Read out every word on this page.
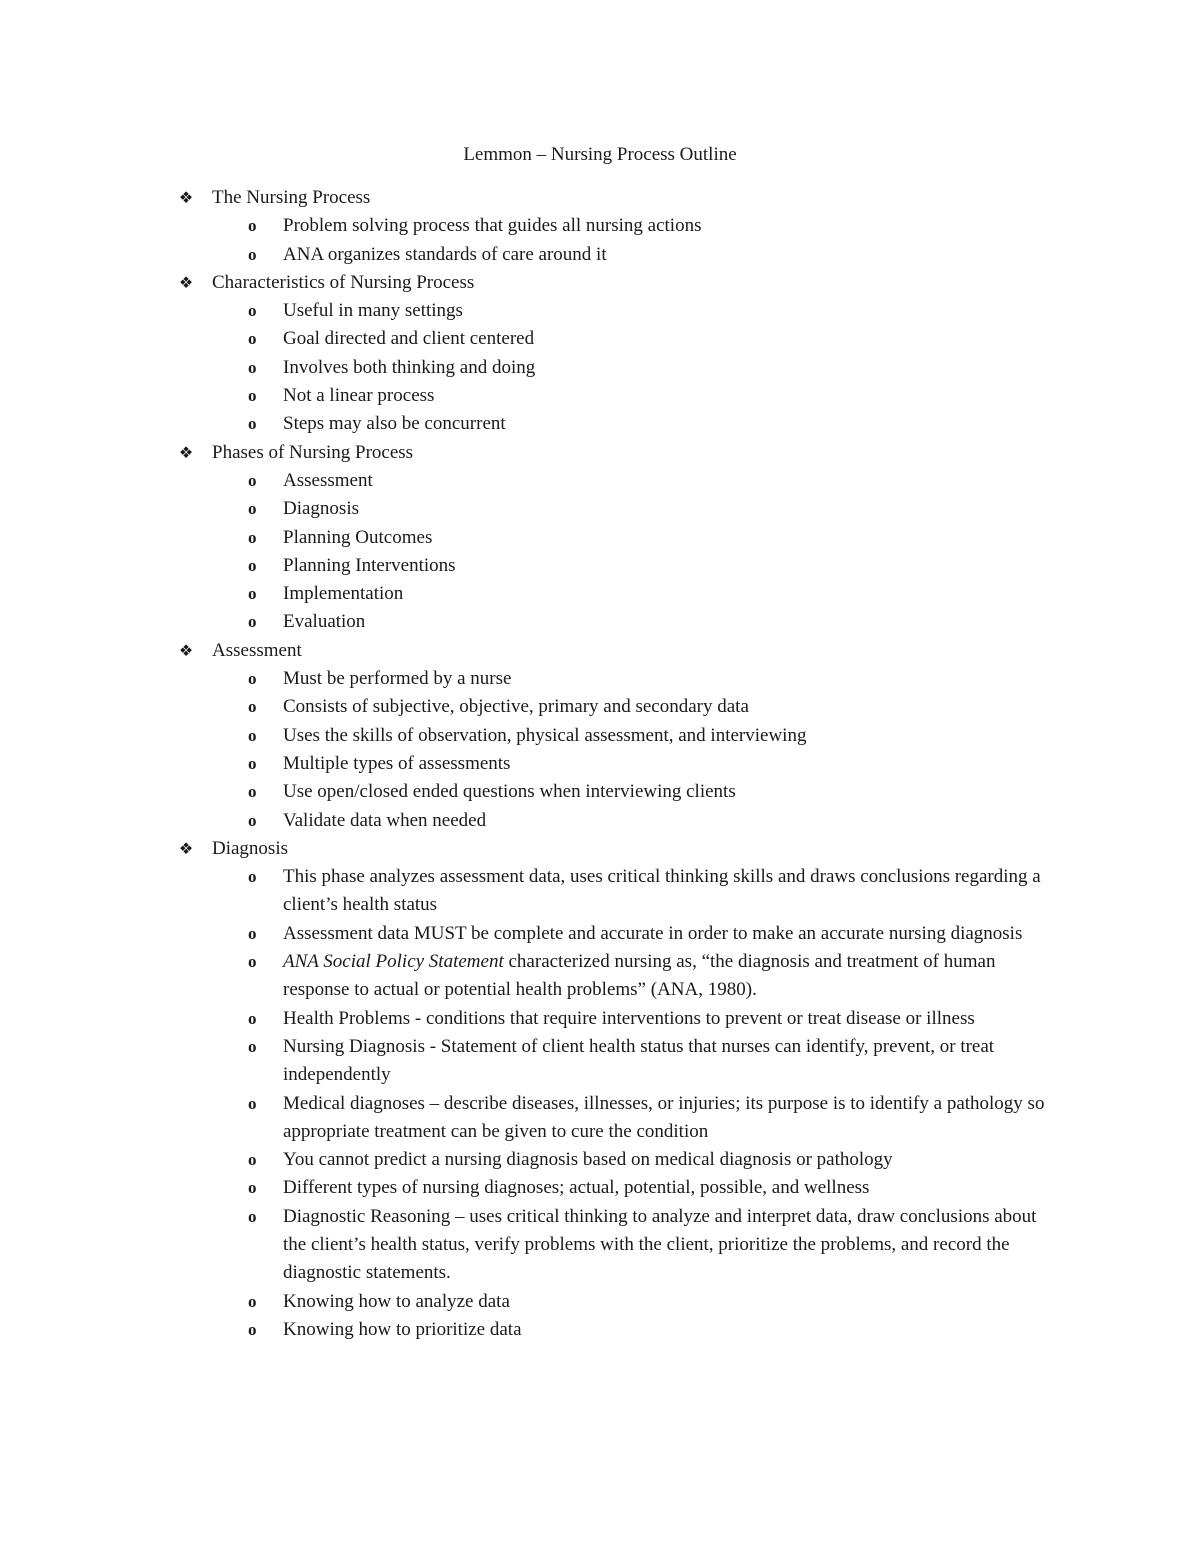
Lemmon – Nursing Process Outline
❖ The Nursing Process
o Problem solving process that guides all nursing actions
o ANA organizes standards of care around it
❖ Characteristics of Nursing Process
o Useful in many settings
o Goal directed and client centered
o Involves both thinking and doing
o Not a linear process
o Steps may also be concurrent
❖ Phases of Nursing Process
o Assessment
o Diagnosis
o Planning Outcomes
o Planning Interventions
o Implementation
o Evaluation
❖ Assessment
o Must be performed by a nurse
o Consists of subjective, objective, primary and secondary data
o Uses the skills of observation, physical assessment, and interviewing
o Multiple types of assessments
o Use open/closed ended questions when interviewing clients
o Validate data when needed
❖ Diagnosis
o This phase analyzes assessment data, uses critical thinking skills and draws conclusions regarding a client’s health status
o Assessment data MUST be complete and accurate in order to make an accurate nursing diagnosis
o ANA Social Policy Statement characterized nursing as, “the diagnosis and treatment of human response to actual or potential health problems” (ANA, 1980).
o Health Problems - conditions that require interventions to prevent or treat disease or illness
o Nursing Diagnosis - Statement of client health status that nurses can identify, prevent, or treat independently
o Medical diagnoses – describe diseases, illnesses, or injuries; its purpose is to identify a pathology so appropriate treatment can be given to cure the condition
o You cannot predict a nursing diagnosis based on medical diagnosis or pathology
o Different types of nursing diagnoses; actual, potential, possible, and wellness
o Diagnostic Reasoning – uses critical thinking to analyze and interpret data, draw conclusions about the client’s health status, verify problems with the client, prioritize the problems, and record the diagnostic statements.
o Knowing how to analyze data
o Knowing how to prioritize data
